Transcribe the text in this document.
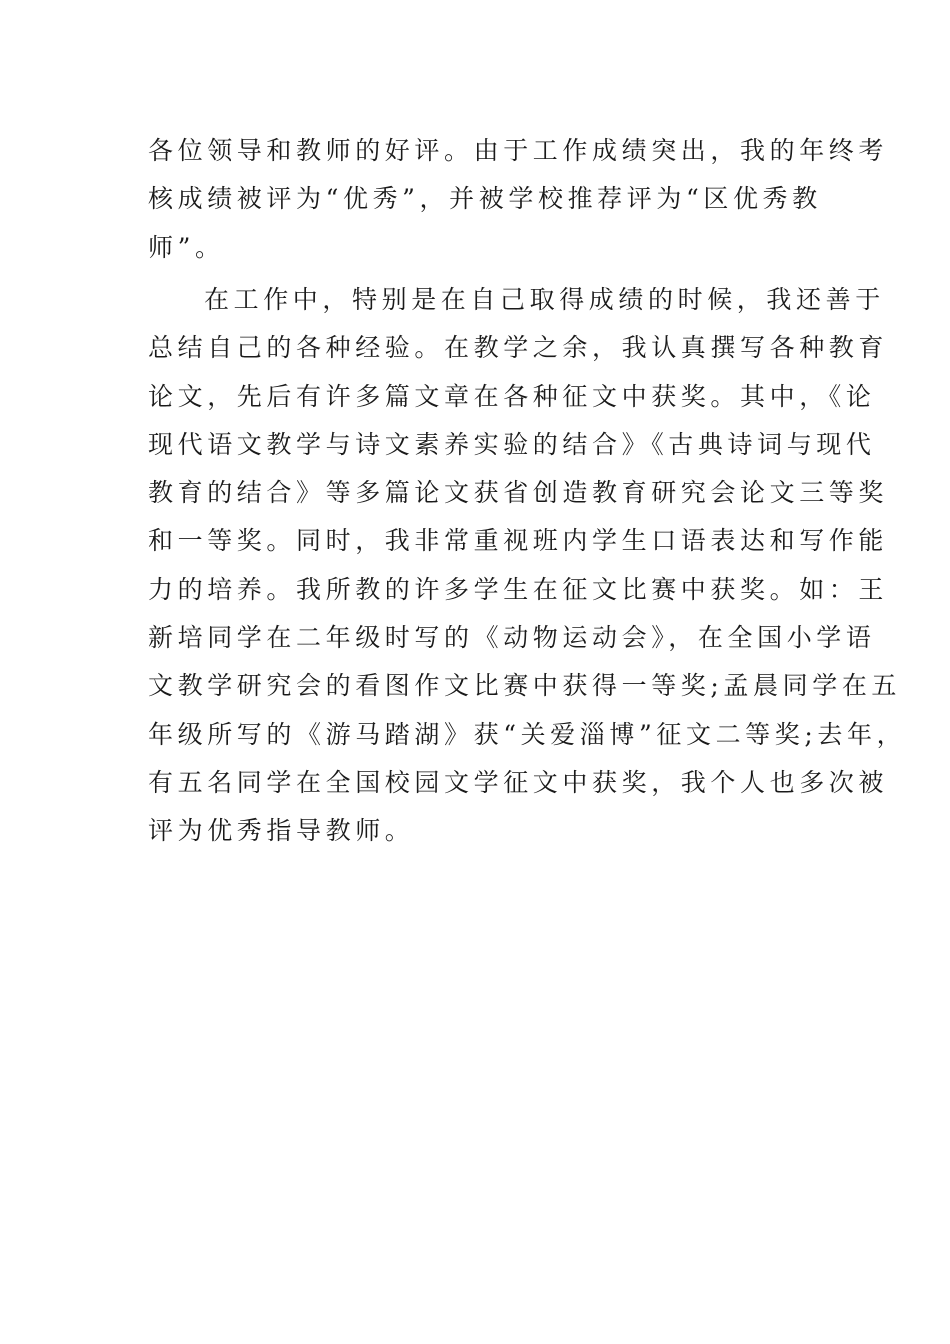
各位领导和教师的好评。由于工作成绩突出，我的年终考
核成绩被评为“优秀”，并被学校推荐评为“区优秀教
师”。
在工作中，特别是在自己取得成绩的时候，我还善于
总结自己的各种经验。在教学之余，我认真撰写各种教育
论文，先后有许多篇文章在各种征文中获奖。其中，《论
现代语文教学与诗文素养实验的结合》《古典诗词与现代
教育的结合》等多篇论文获省创造教育研究会论文三等奖
和一等奖。同时，我非常重视班内学生口语表达和写作能
力的培养。我所教的许多学生在征文比赛中获奖。如：王
新培同学在二年级时写的《动物运动会》，在全国小学语
文教学研究会的看图作文比赛中获得一等奖;孟晨同学在五
年级所写的《游马踏湖》获“关爱淄博”征文二等奖;去年，
有五名同学在全国校园文学征文中获奖，我个人也多次被
评为优秀指导教师。
